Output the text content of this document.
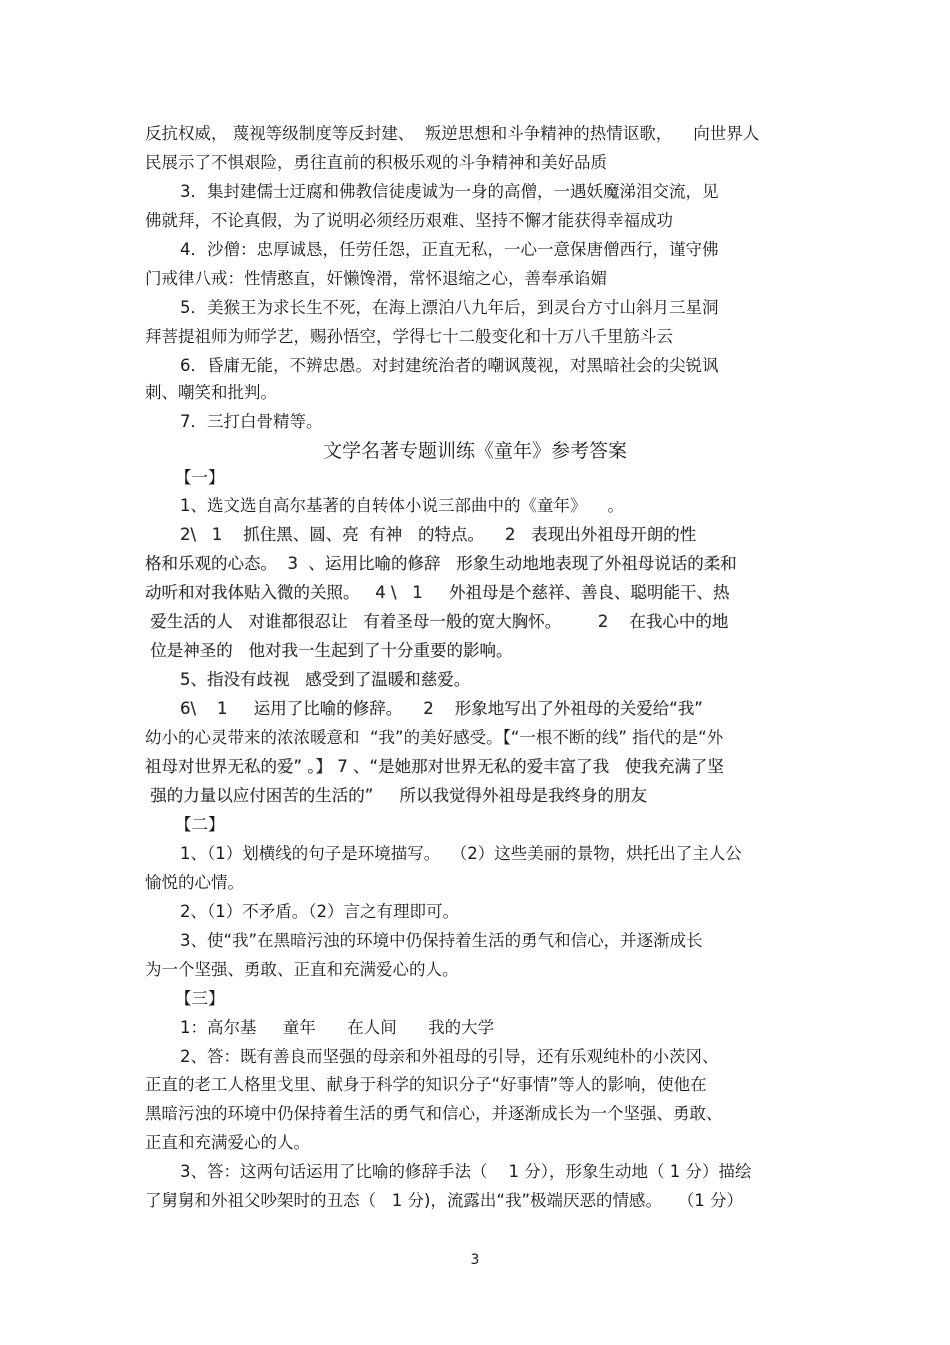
反抗权威， 蔑视等级制度等反封建、  叛逆思想和斗争精神的热情讴歌，    向世界人
民展示了不惧艰险，勇往直前的积极乐观的斗争精神和美好品质
3．集封建儒士迂腐和佛教信徒虔诚为一身的高僧，一遇妖魔涕泪交流，见
佛就拜，不论真假，为了说明必须经历艰难、坚持不懈才能获得幸福成功
4．沙僧：忠厚诚恳，任劳任怨，正直无私，一心一意保唐僧西行，谨守佛
门戒律八戒：性情憨直，奸懒馋滑，常怀退缩之心，善奉承谄媚
5．美猴王为求长生不死，在海上漂泊八九年后，到灵台方寸山斜月三星洞
拜菩提祖师为师学艺，赐孙悟空，学得七十二般变化和十万八千里筋斗云
6．昏庸无能，不辨忠愚。对封建统治者的嘲讽蔑视，对黑暗社会的尖锐讽
刺、嘲笑和批判。
7．三打白骨精等。
文学名著专题训练《童年》参考答案
【一】
1、选文选自高尔基著的自转体小说三部曲中的《童年》    。
2\   1    抓住黑、圆、亮  有神   的特点。    2   表现出外祖母开朗的性
格和乐观的心态。  3  、运用比喻的修辞   形象生动地地表现了外祖母说话的柔和
动听和对我体贴入微的关照。   4 \   1     外祖母是个慈祥、善良、聪明能干、热
爱生活的人   对谁都很忍让   有着圣母一般的宽大胸怀。       2    在我心中的地
位是神圣的   他对我一生起到了十分重要的影响。
5、指没有歧视   感受到了温暖和慈爱。
6\    1     运用了比喻的修辞。    2    形象地写出了外祖母的关爱给“我”
幼小的心灵带来的浓浓暖意和  “我”的美好感受。【“一根不断的线” 指代的是“外
祖母对世界无私的爱” 。】 7 、“是她那对世界无私的爱丰富了我   使我充满了坚
强的力量以应付困苦的生活的”     所以我觉得外祖母是我终身的朋友
【二】
1、（1）划横线的句子是环境描写。  （2）这些美丽的景物，烘托出了主人公
愉悦的心情。
2、（1）不矛盾。（2）言之有理即可。
3、使“我”在黑暗污浊的环境中仍保持着生活的勇气和信心，并逐渐成长
为一个坚强、勇敢、正直和充满爱心的人。
【三】
1：高尔基     童年      在人间      我的大学
2、答：既有善良而坚强的母亲和外祖母的引导，还有乐观纯朴的小茨冈、
正直的老工人格里戈里、献身于科学的知识分子“好事情”等人的影响，使他在
黑暗污浊的环境中仍保持着生活的勇气和信心，并逐渐成长为一个坚强、勇敢、
正直和充满爱心的人。
3、答：这两句话运用了比喻的修辞手法（    1 分），形象生动地（ 1 分）描绘
了舅舅和外祖父吵架时的丑态（   1 分)，流露出“我”极端厌恶的情感。   （1 分）
3
